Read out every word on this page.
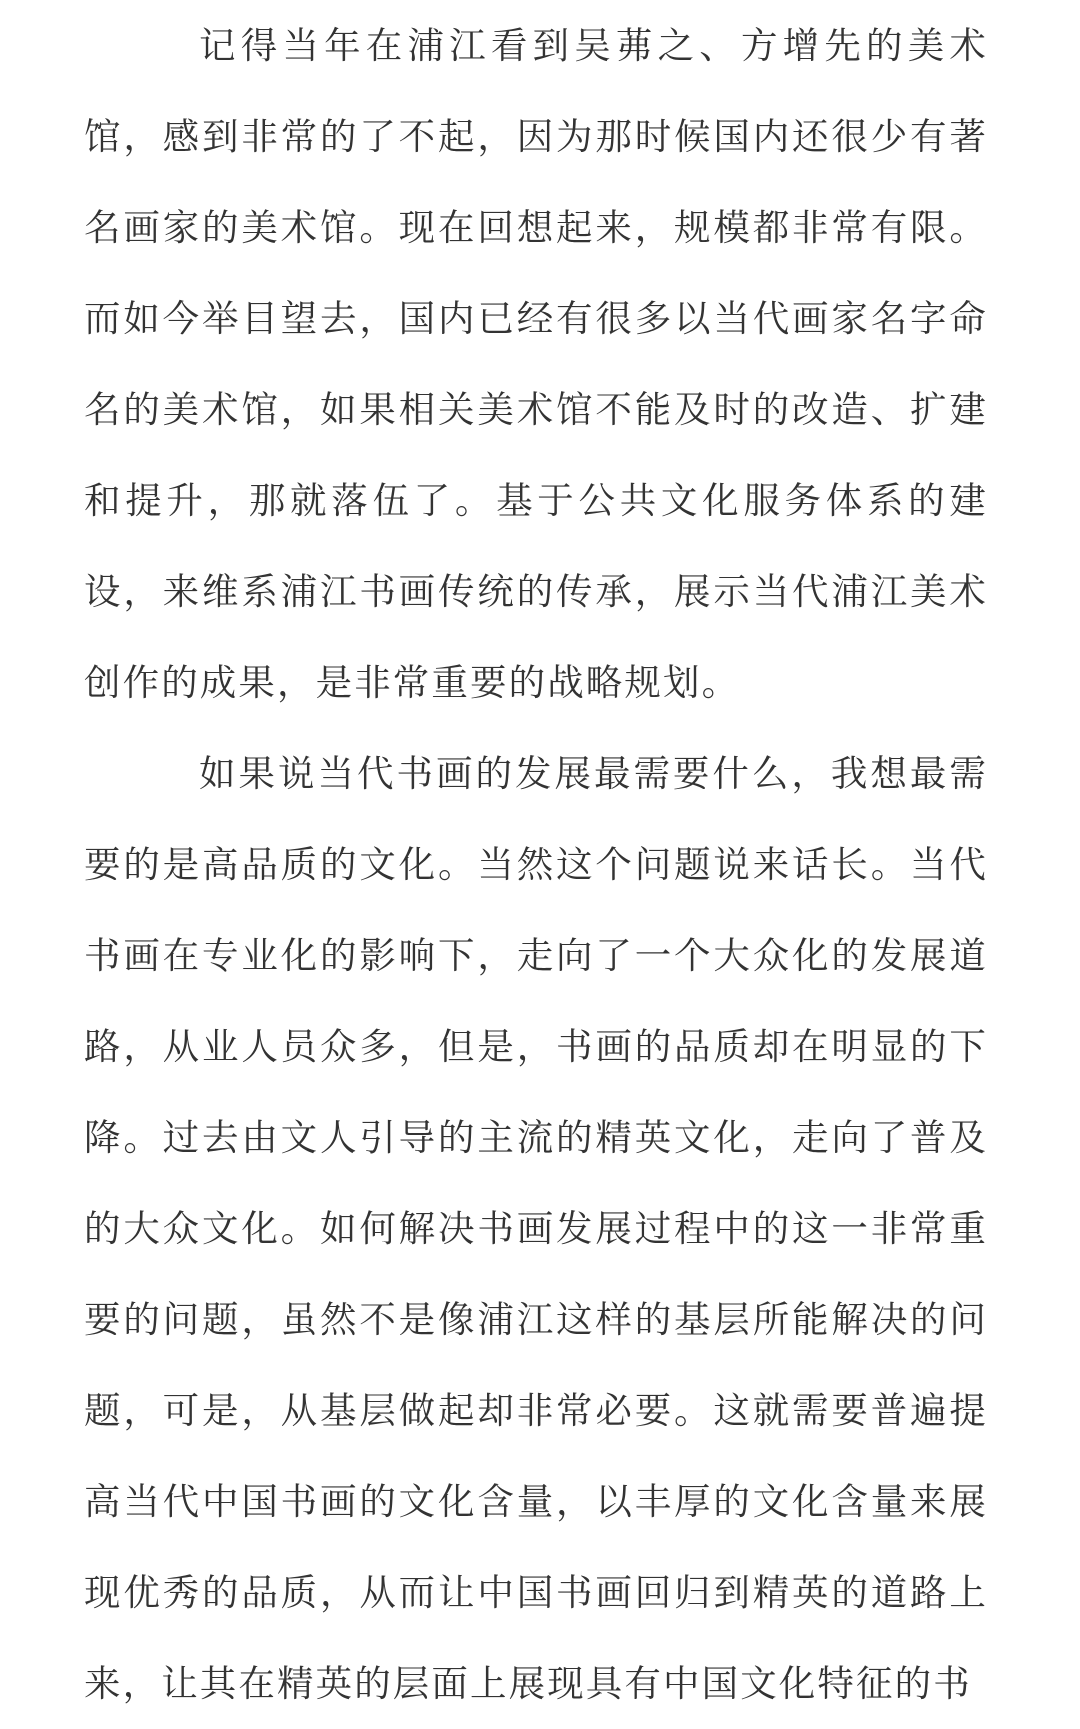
记得当年在浦江看到吴茀之、方增先的美术馆，感到非常的了不起，因为那时候国内还很少有著名画家的美术馆。现在回想起来，规模都非常有限。而如今举目望去，国内已经有很多以当代画家名字命名的美术馆，如果相关美术馆不能及时的改造、扩建和提升，那就落伍了。基于公共文化服务体系的建设，来维系浦江书画传统的传承，展示当代浦江美术创作的成果，是非常重要的战略规划。

如果说当代书画的发展最需要什么，我想最需要的是高品质的文化。当然这个问题说来话长。当代书画在专业化的影响下，走向了一个大众化的发展道路，从业人员众多，但是，书画的品质却在明显的下降。过去由文人引导的主流的精英文化，走向了普及的大众文化。如何解决书画发展过程中的这一非常重要的问题，虽然不是像浦江这样的基层所能解决的问题，可是，从基层做起却非常必要。这就需要普遍提高当代中国书画的文化含量，以丰厚的文化含量来展现优秀的品质，从而让中国书画回归到精英的道路上来，让其在精英的层面上展现具有中国文化特征的书
